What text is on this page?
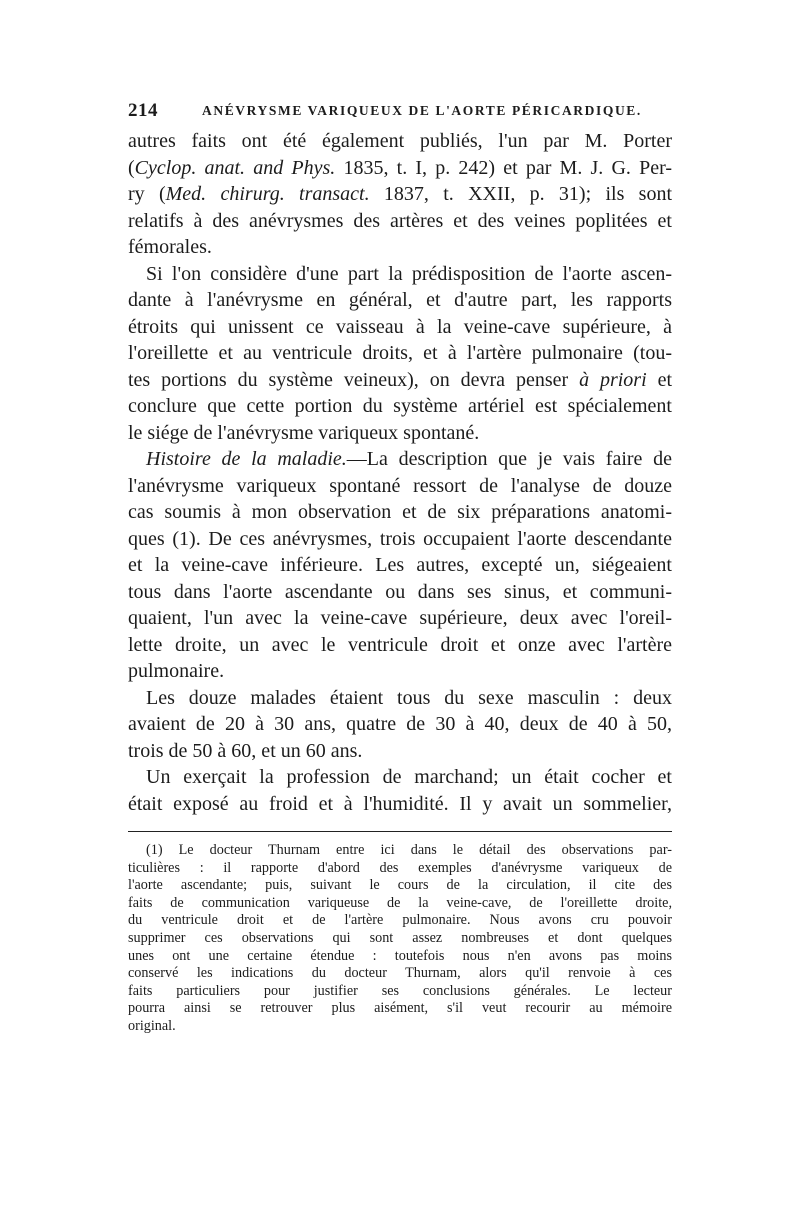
214	ANÉVRYSME VARIQUEUX DE L'AORTE PÉRICARDIQUE.
autres faits ont été également publiés, l'un par M. Porter
(Cyclop. anat. and Phys. 1835, t. I, p. 242) et par M. J. G. Per-
ry (Med. chirurg. transact. 1837, t. XXII, p. 31); ils sont
relatifs à des anévrysmes des artères et des veines poplitées et
fémorales.
Si l'on considère d'une part la prédisposition de l'aorte ascen-
dante à l'anévrysme en général, et d'autre part, les rapports
étroits qui unissent ce vaisseau à la veine-cave supérieure, à
l'oreillette et au ventricule droits, et à l'artère pulmonaire (tou-
tes portions du système veineux), on devra penser à priori et
conclure que cette portion du système artériel est spécialement
le siége de l'anévrysme variqueux spontané.
Histoire de la maladie.—La description que je vais faire de
l'anévrysme variqueux spontané ressort de l'analyse de douze
cas soumis à mon observation et de six préparations anatomi-
ques (1). De ces anévrysmes, trois occupaient l'aorte descendante
et la veine-cave inférieure. Les autres, excepté un, siégeaient
tous dans l'aorte ascendante ou dans ses sinus, et communi-
quaient, l'un avec la veine-cave supérieure, deux avec l'oreil-
lette droite, un avec le ventricule droit et onze avec l'artère
pulmonaire.
Les douze malades étaient tous du sexe masculin : deux
avaient de 20 à 30 ans, quatre de 30 à 40, deux de 40 à 50,
trois de 50 à 60, et un 60 ans.
Un exerçait la profession de marchand; un était cocher et
était exposé au froid et à l'humidité. Il y avait un sommelier,
(1) Le docteur Thurnam entre ici dans le détail des observations par-
ticulières : il rapporte d'abord des exemples d'anévrysme variqueux de
l'aorte ascendante; puis, suivant le cours de la circulation, il cite des
faits de communication variqueuse de la veine-cave, de l'oreillette droite,
du ventricule droit et de l'artère pulmonaire. Nous avons cru pouvoir
supprimer ces observations qui sont assez nombreuses et dont quelques
unes ont une certaine étendue : toutefois nous n'en avons pas moins
conservé les indications du docteur Thurnam, alors qu'il renvoie à ces
faits particuliers pour justifier ses conclusions générales. Le lecteur
pourra ainsi se retrouver plus aisément, s'il veut recourir au mémoire
original.
